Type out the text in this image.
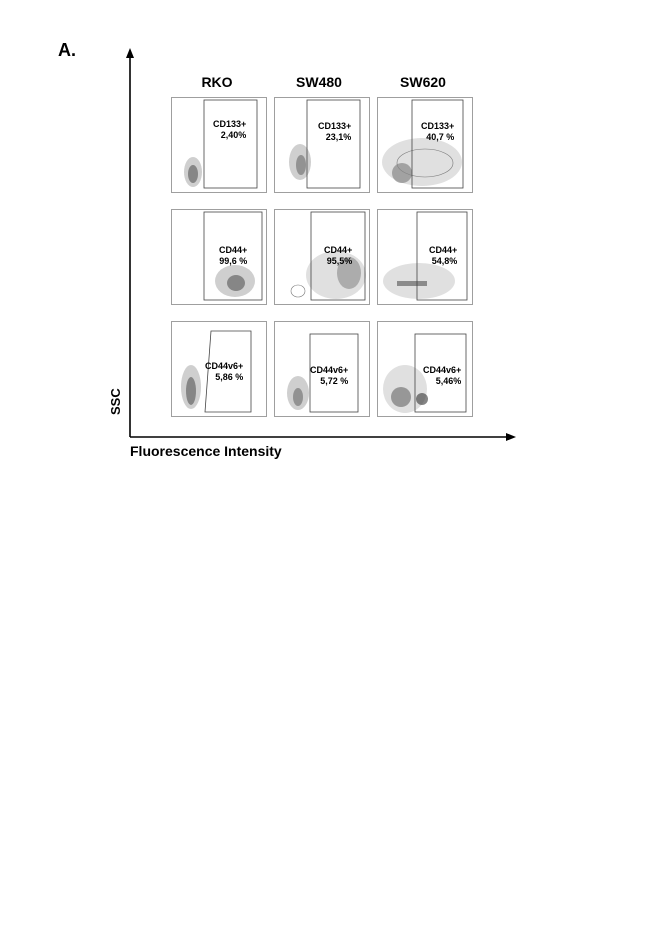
A.
RKO	SW480	SW620
SSC
Fluorescence Intensity
CD133+
2,40%
CD133+
23,1%
CD133+
40,7 %
CD44+
99,6 %
CD44+
95,5%
CD44+
54,8%
CD44v6+
5,86 %
CD44v6+
5,72 %
CD44v6+
5,46%
